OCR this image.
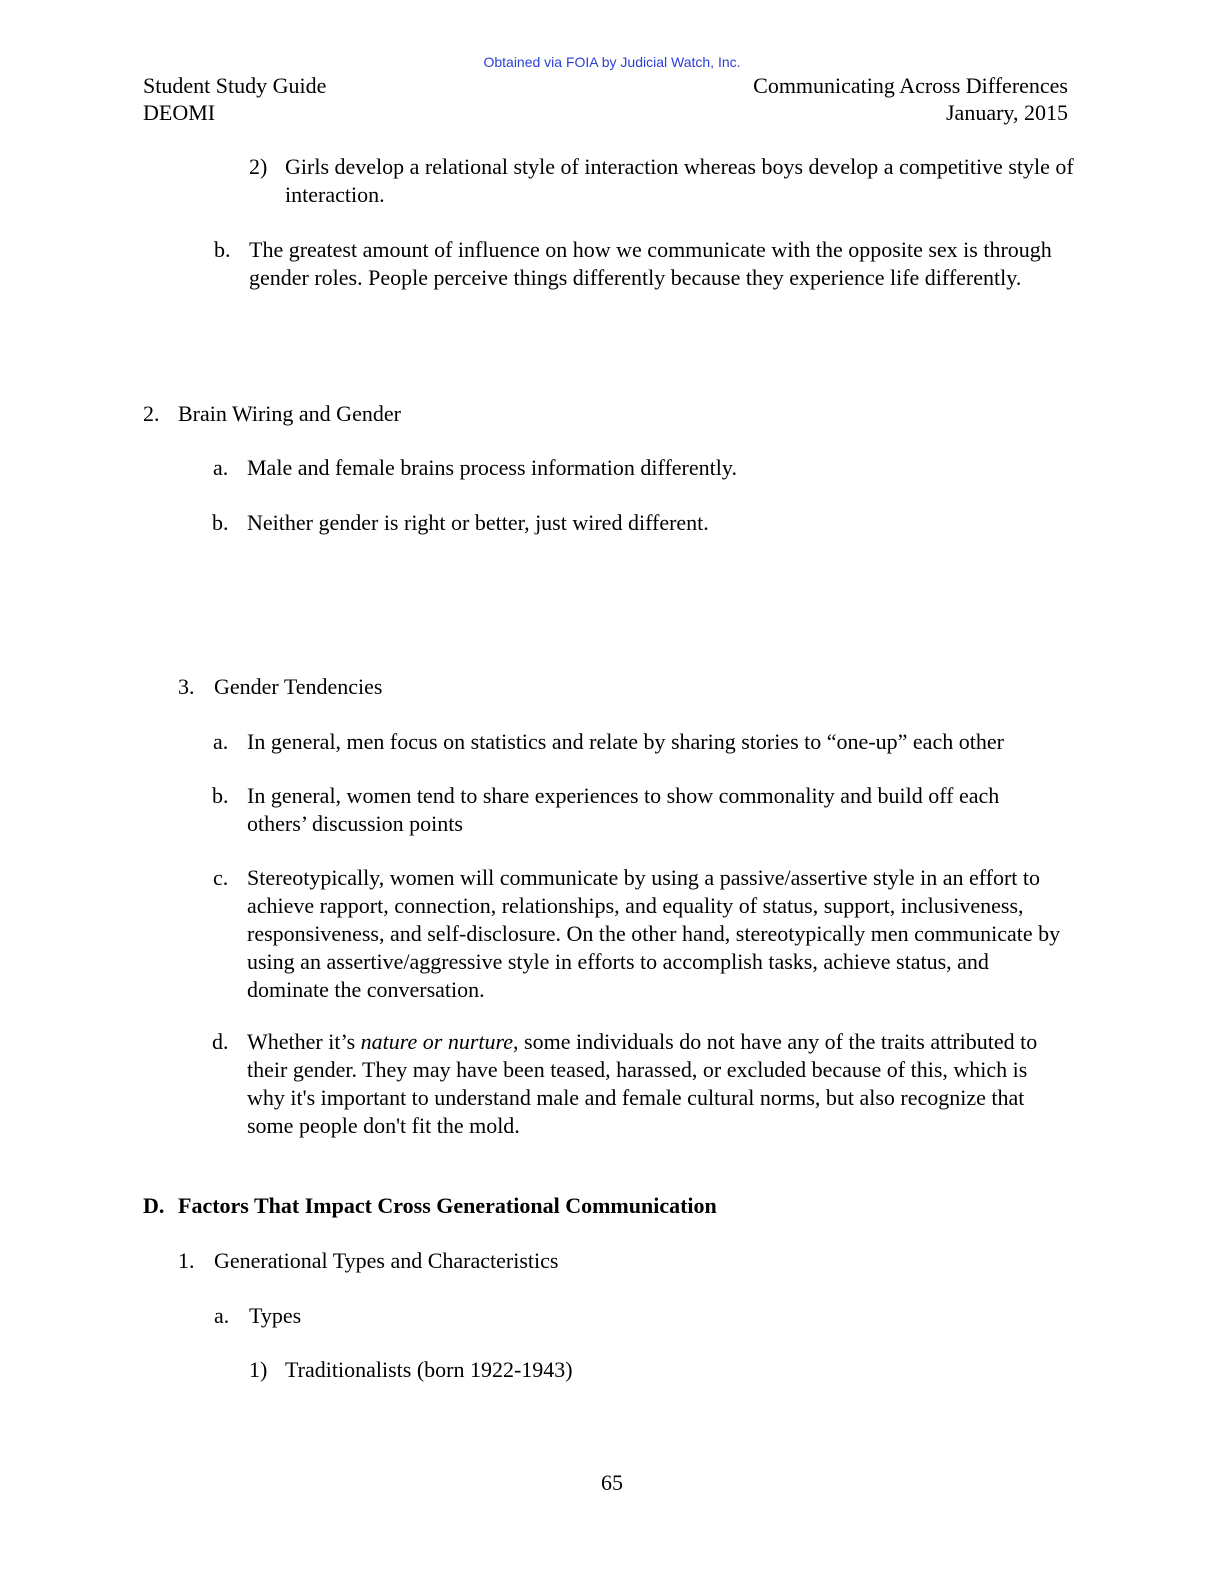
Obtained via FOIA by Judicial Watch, Inc.
Student Study Guide
DEOMI
Communicating Across Differences
January, 2015
2) Girls develop a relational style of interaction whereas boys develop a competitive style of interaction.
b. The greatest amount of influence on how we communicate with the opposite sex is through gender roles. People perceive things differently because they experience life differently.
2. Brain Wiring and Gender
a. Male and female brains process information differently.
b. Neither gender is right or better, just wired different.
3. Gender Tendencies
a. In general, men focus on statistics and relate by sharing stories to “one-up” each other
b. In general, women tend to share experiences to show commonality and build off each others’ discussion points
c. Stereotypically, women will communicate by using a passive/assertive style in an effort to achieve rapport, connection, relationships, and equality of status, support, inclusiveness, responsiveness, and self-disclosure. On the other hand, stereotypically men communicate by using an assertive/aggressive style in efforts to accomplish tasks, achieve status, and dominate the conversation.
d. Whether it’s nature or nurture, some individuals do not have any of the traits attributed to their gender. They may have been teased, harassed, or excluded because of this, which is why it's important to understand male and female cultural norms, but also recognize that some people don't fit the mold.
D. Factors That Impact Cross Generational Communication
1. Generational Types and Characteristics
a. Types
1) Traditionalists (born 1922-1943)
65
